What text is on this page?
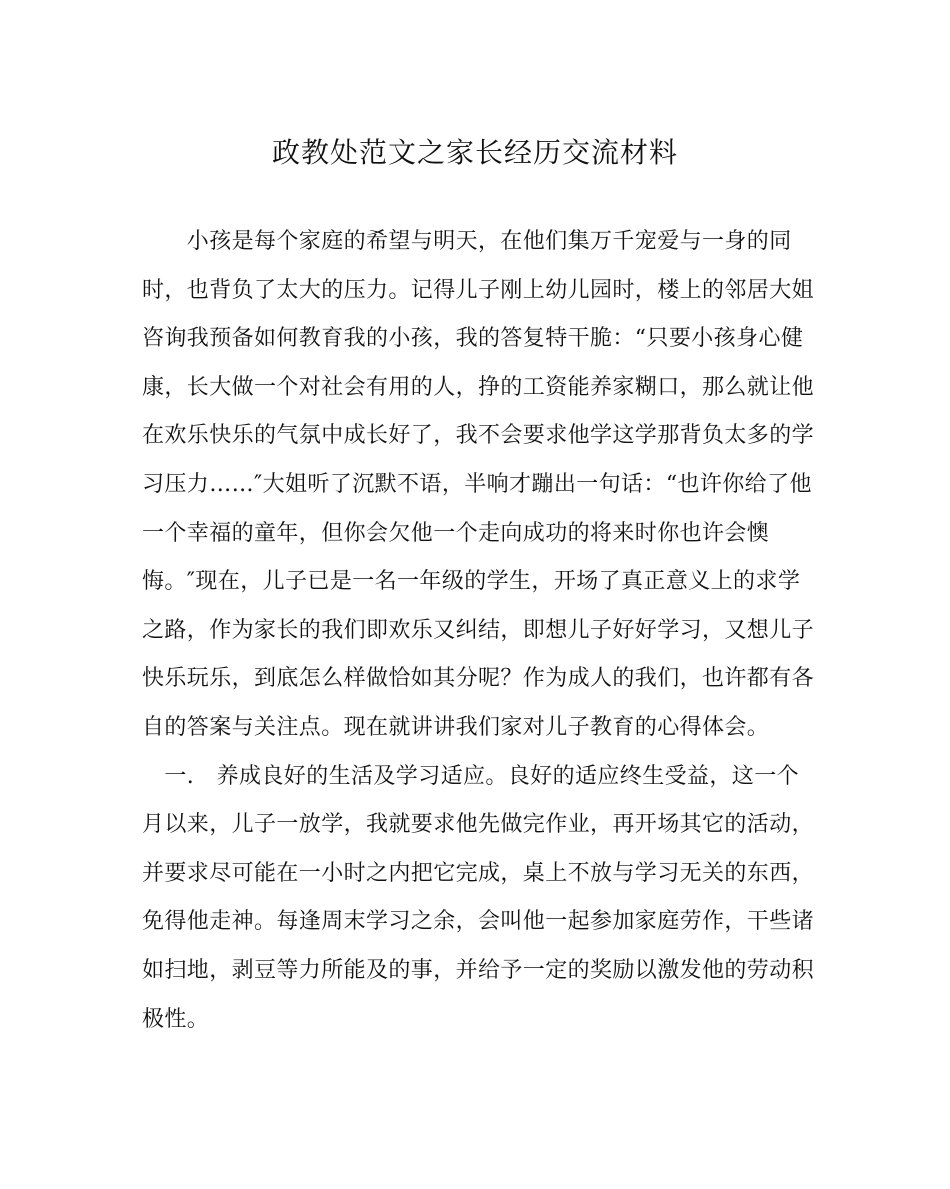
政教处范文之家长经历交流材料
　　小孩是每个家庭的希望与明天，在他们集万千宠爱与一身的同
时，也背负了太大的压力。记得儿子刚上幼儿园时，楼上的邻居大姐
咨询我预备如何教育我的小孩，我的答复特干脆：“只要小孩身心健
康，长大做一个对社会有用的人，挣的工资能养家糊口，那么就让他
在欢乐快乐的气氛中成长好了，我不会要求他学这学那背负太多的学
习压力……″大姐听了沉默不语，半响才蹦出一句话：“也许你给了他
一个幸福的童年，但你会欠他一个走向成功的将来时你也许会懊
悔。″现在，儿子已是一名一年级的学生，开场了真正意义上的求学
之路，作为家长的我们即欢乐又纠结，即想儿子好好学习，又想儿子
快乐玩乐，到底怎么样做恰如其分呢？作为成人的我们，也许都有各
自的答案与关注点。现在就讲讲我们家对儿子教育的心得体会。
　一.　养成良好的生活及学习适应。良好的适应终生受益，这一个
月以来，儿子一放学，我就要求他先做完作业，再开场其它的活动，
并要求尽可能在一小时之内把它完成，桌上不放与学习无关的东西，
免得他走神。每逢周末学习之余，会叫他一起参加家庭劳作，干些诸
如扫地，剥豆等力所能及的事，并给予一定的奖励以激发他的劳动积
极性。
